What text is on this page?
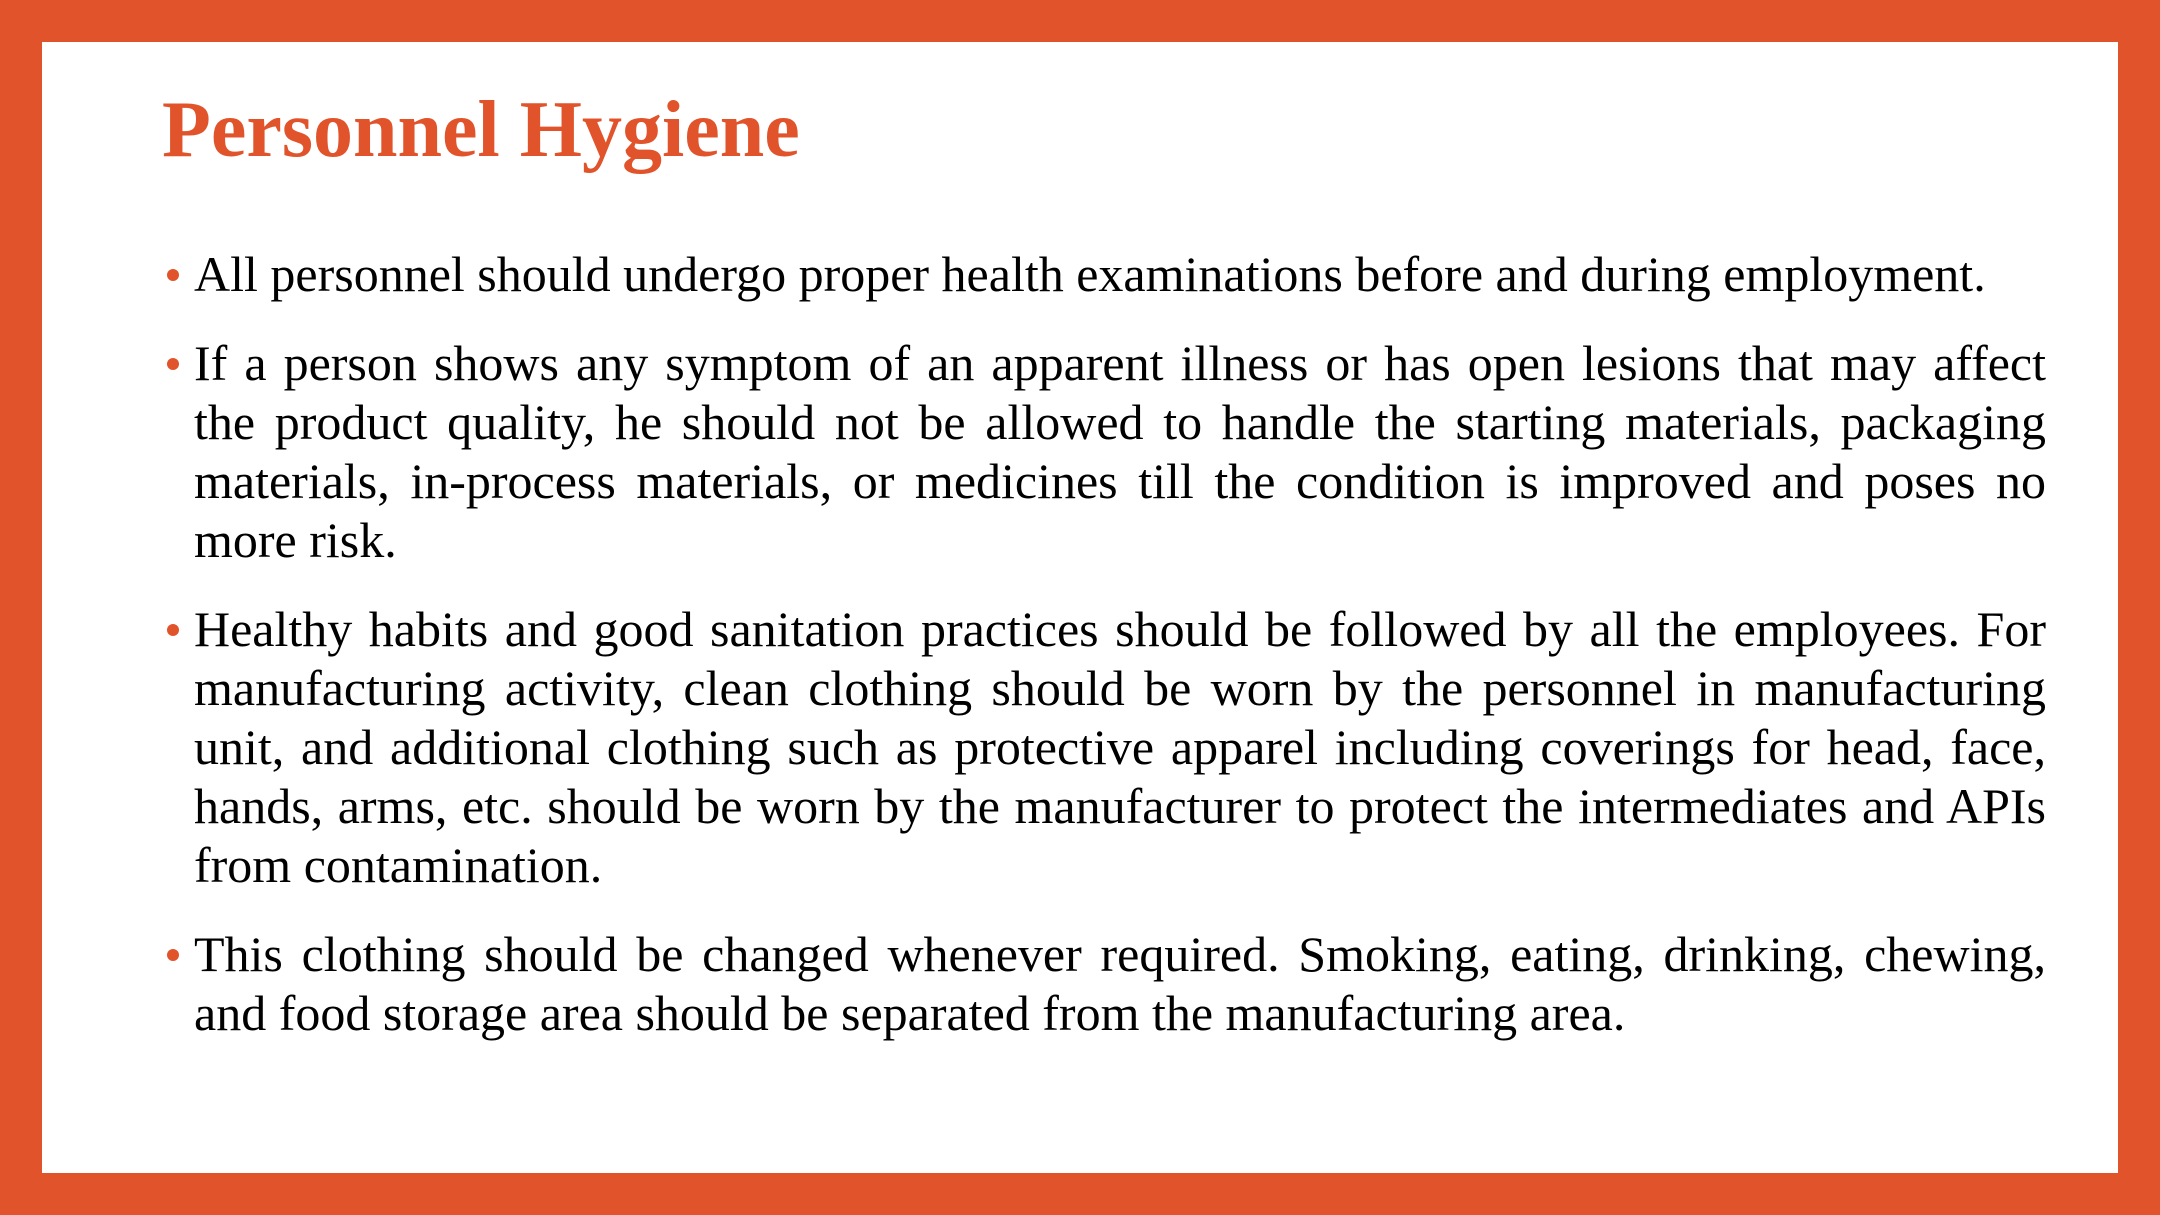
Personnel Hygiene
All personnel should undergo proper health examinations before and during employment.
If a person shows any symptom of an apparent illness or has open lesions that may affect the product quality, he should not be allowed to handle the starting materials, packaging materials, in-process materials, or medicines till the condition is improved and poses no more risk.
Healthy habits and good sanitation practices should be followed by all the employees. For manufacturing activity, clean clothing should be worn by the personnel in manufacturing unit, and additional clothing such as protective apparel including coverings for head, face, hands, arms, etc. should be worn by the manufacturer to protect the intermediates and APIs from contamination.
This clothing should be changed whenever required. Smoking, eating, drinking, chewing, and food storage area should be separated from the manufacturing area.
